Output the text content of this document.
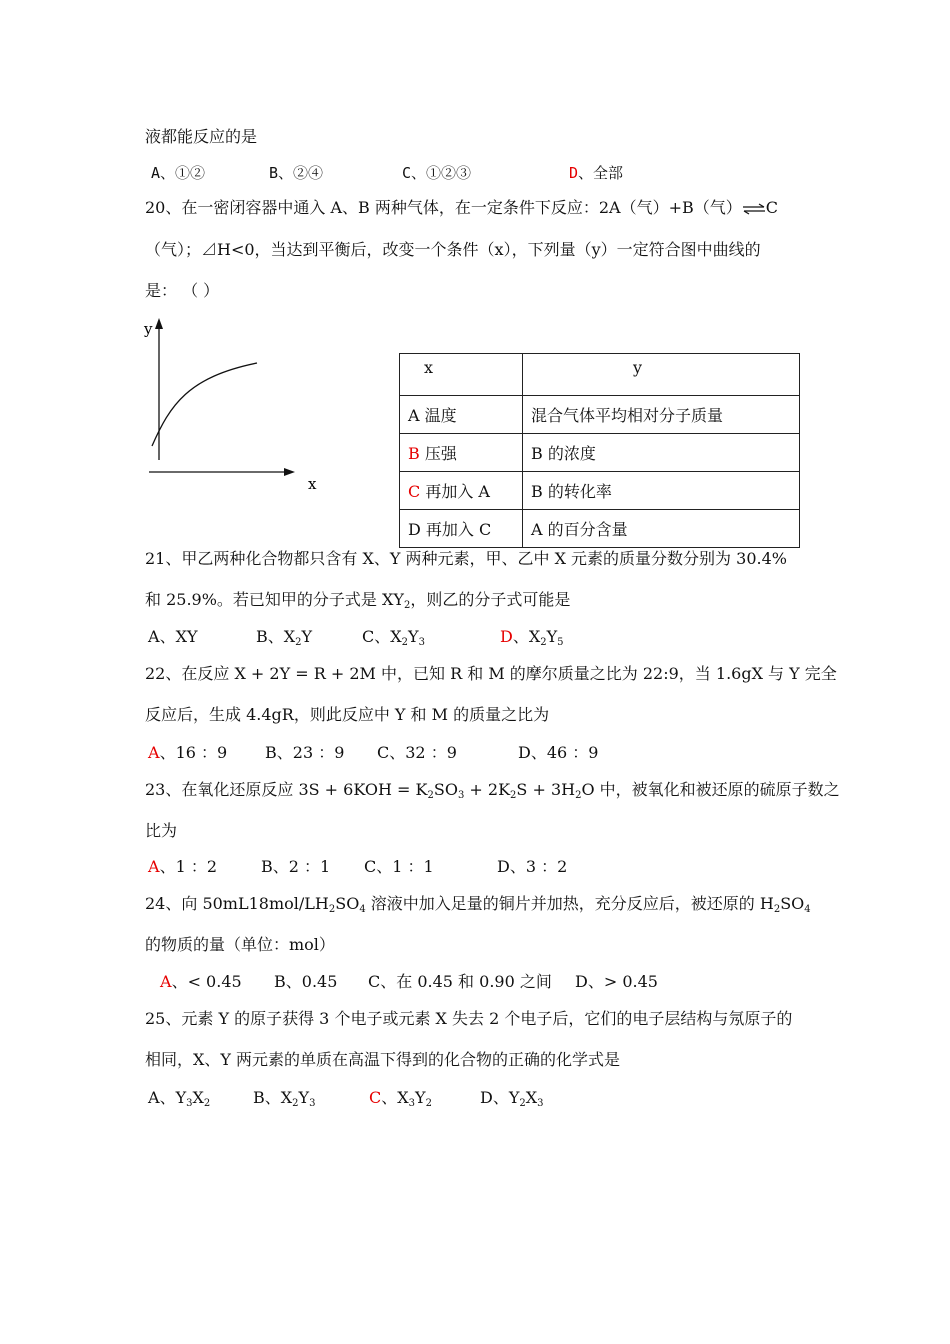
液都能反应的是
A、①②	B、②④	C、①②③	D、全部
20、在一密闭容器中通入 A、B 两种气体，在一定条件下反应：2A（气）+B（气）⇌C
（气）；⊿H<0，当达到平衡后，改变一个条件（x），下列量（y）一定符合图中曲线的
是： （ ）
y
x
x	y
A 温度	混合气体平均相对分子质量
B 压强	B 的浓度
C 再加入 A	B 的转化率
D 再加入 C	A 的百分含量
21、甲乙两种化合物都只含有 X、Y 两种元素，甲、乙中 X 元素的质量分数分别为 30.4%
和 25.9%。若已知甲的分子式是 $XY_2$，则乙的分子式可能是
A、XY	B、$X_2Y$	C、$X_2Y_3$	D、$X_2Y_5$
22、在反应 X + 2Y = R + 2M 中，已知 R 和 M 的摩尔质量之比为 22:9，当 1.6gX 与 Y 完全
反应后，生成 4.4gR，则此反应中 Y 和 M 的质量之比为
A、16 ：9 B、23 ：9 C、32 ：9	D、46 ：9
23、在氧化还原反应 $3S + 6KOH = K_2SO_3 + 2K_2S + 3H_2O$ 中，被氧化和被还原的硫原子数之
比为
A、1 ：2	B、2 ：1 C、1 ：1	D、3 ：2
24、向 $50mL18mol/LH_2SO_4$ 溶液中加入足量的铜片并加热，充分反应后，被还原的 $H_2SO_4$
的物质的量（单位：mol）
A、< 0.45 B、0.45 C、在 0.45 和 0.90 之间 D、> 0.45
25、元素 Y 的原子获得 3 个电子或元素 X 失去 2 个电子后，它们的电子层结构与氖原子的
相同，X、Y 两元素的单质在高温下得到的化合物的正确的化学式是
A、$Y_3X_2$	B、$X_2Y_3$	C、$X_3Y_2$	D、$Y_2X_3$
